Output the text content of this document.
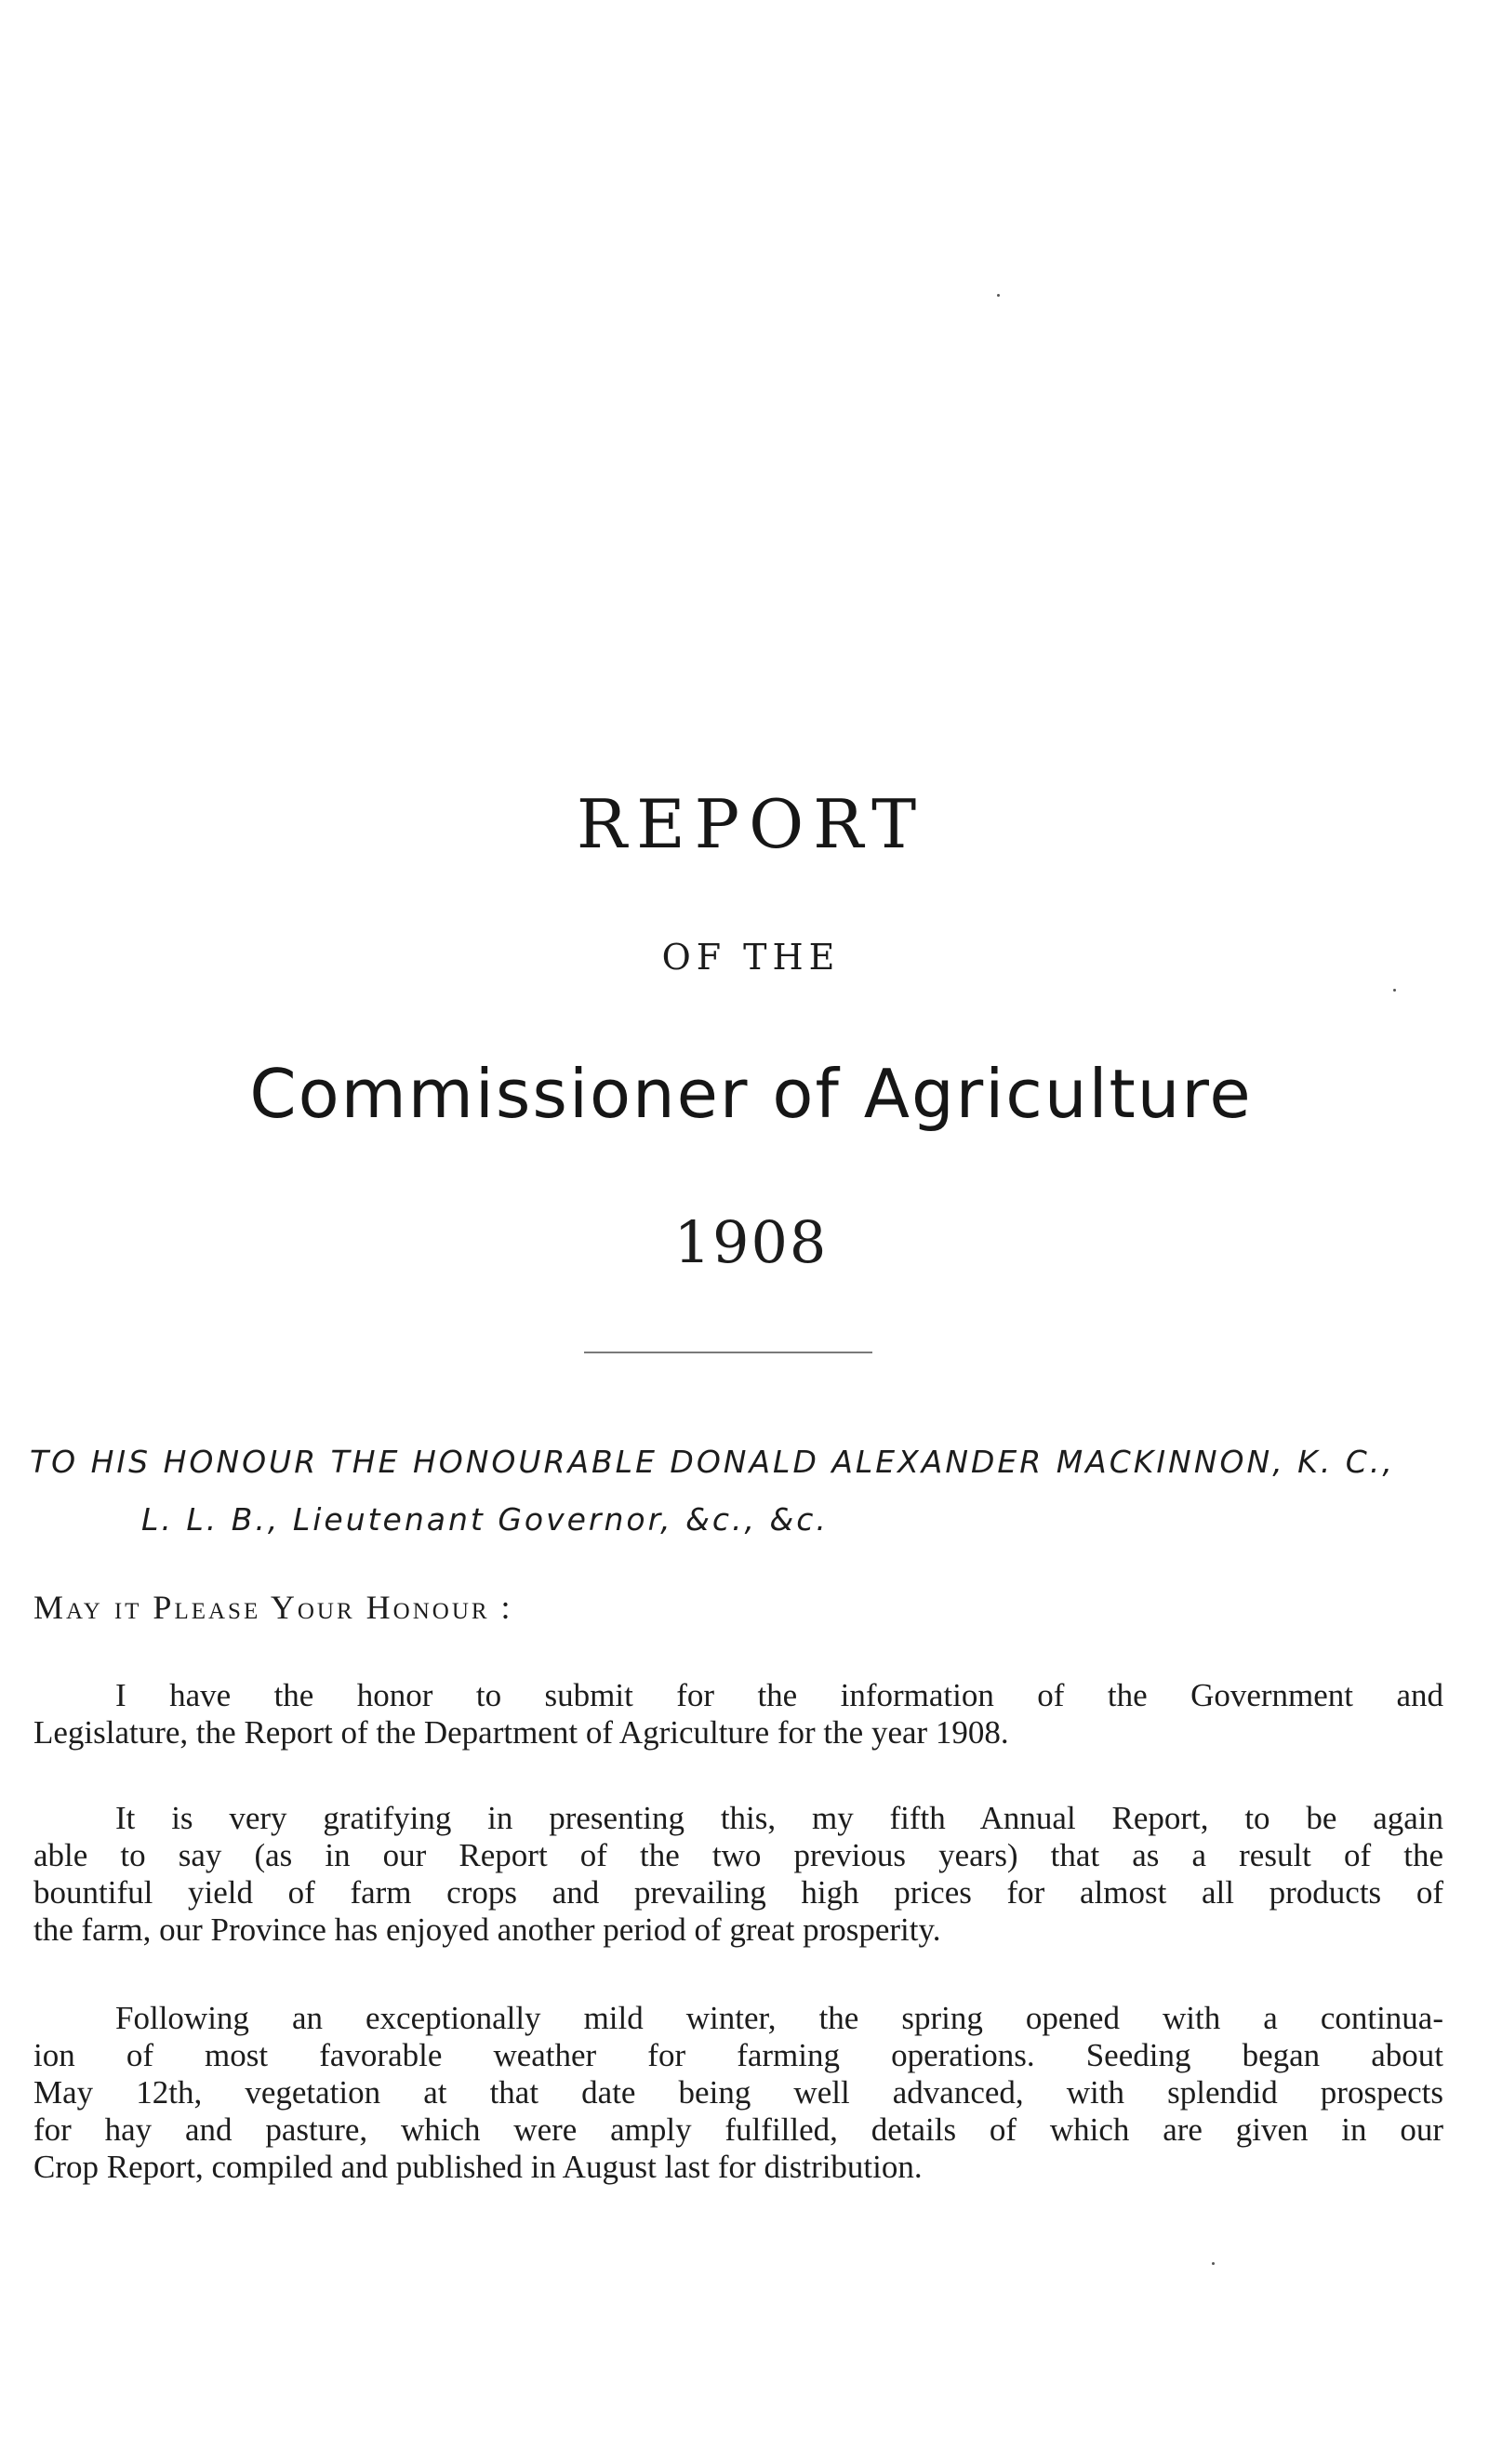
REPORT
OF THE
Commissioner of Agriculture
1908
TO HIS HONOUR THE HONOURABLE DONALD ALEXANDER MACKINNON, K. C.,
L. L. B., Lieutenant Governor, &c., &c.
May it Please Your Honour :
I have the honor to submit for the information of the Government and
Legislature, the Report of the Department of Agriculture for the year 1908.
It is very gratifying in presenting this, my fifth Annual Report, to be again
able to say (as in our Report of the two previous years) that as a result of the
bountiful yield of farm crops and prevailing high prices for almost all products of
the farm, our Province has enjoyed another period of great prosperity.
Following an exceptionally mild winter, the spring opened with a continua-
ion of most favorable weather for farming operations. Seeding began about
May 12th, vegetation at that date being well advanced, with splendid prospects
for hay and pasture, which were amply fulfilled, details of which are given in our
Crop Report, compiled and published in August last for distribution.
